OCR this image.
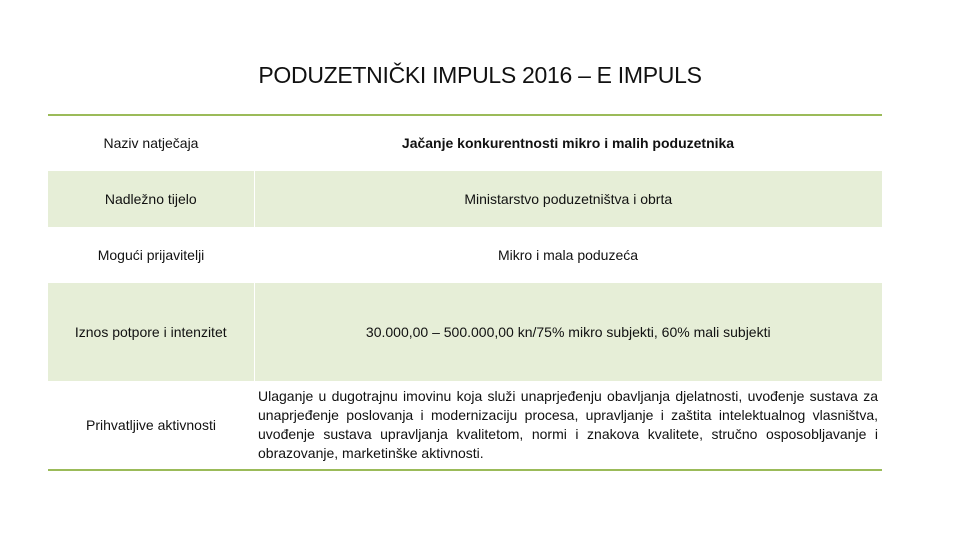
PODUZETNIČKI IMPULS 2016 – E IMPULS
Naziv natječaja	Jačanje konkurentnosti mikro i malih poduzetnika
Nadležno tijelo	Ministarstvo poduzetništva i obrta
Mogući prijavitelji	Mikro i mala poduzeća
Iznos potpore i intenzitet	30.000,00 – 500.000,00 kn/75% mikro subjekti, 60% mali subjekti
Prihvatljive aktivnosti	Ulaganje u dugotrajnu imovinu koja služi unaprjeđenju obavljanja djelatnosti, uvođenje sustava za unaprjeđenje poslovanja i modernizaciju procesa, upravljanje i zaštita intelektualnog vlasništva, uvođenje sustava upravljanja kvalitetom, normi i znakova kvalitete, stručno osposobljavanje i obrazovanje, marketinške aktivnosti.
